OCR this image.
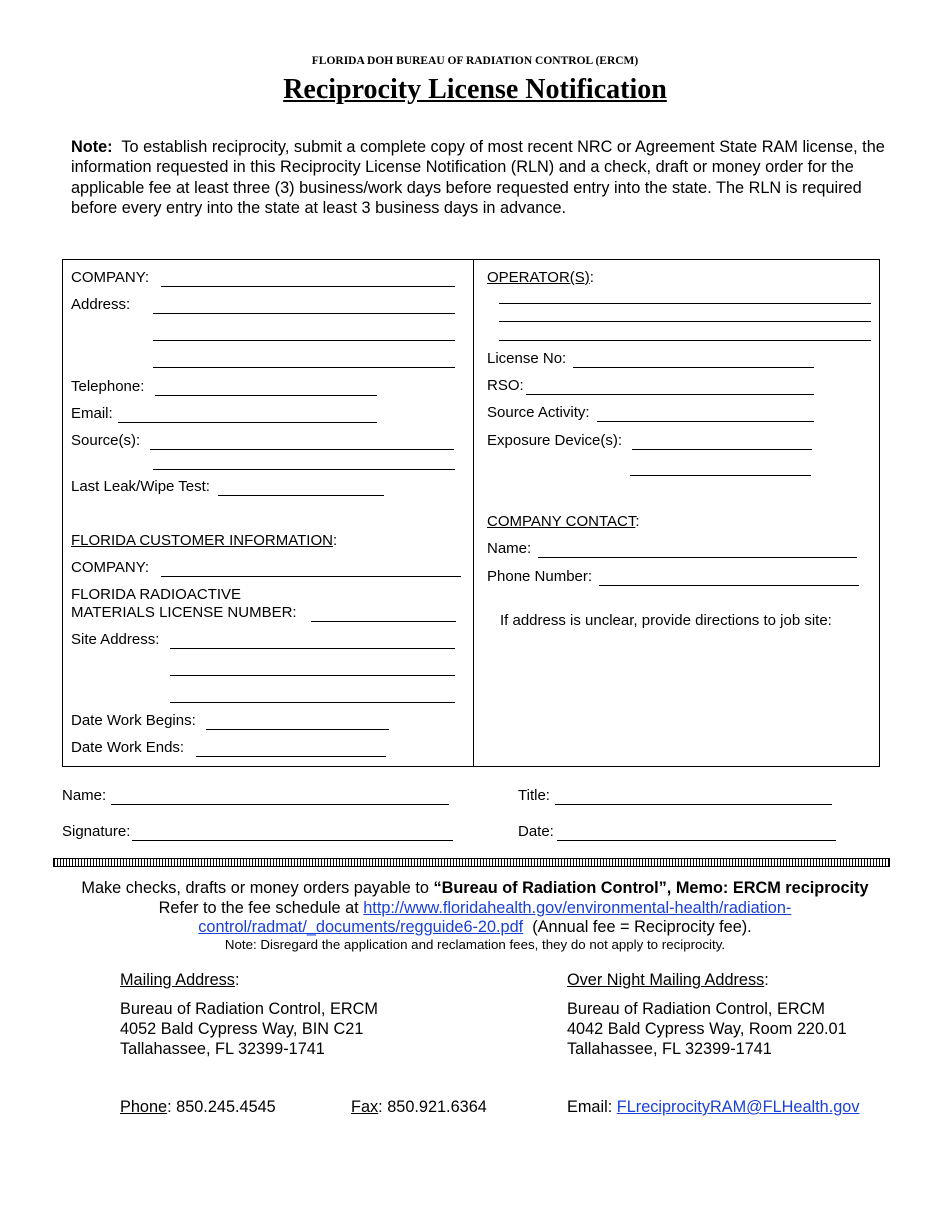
FLORIDA DOH BUREAU OF RADIATION CONTROL (ERCM)
Reciprocity License Notification
Note: To establish reciprocity, submit a complete copy of most recent NRC or Agreement State RAM license, the information requested in this Reciprocity License Notification (RLN) and a check, draft or money order for the applicable fee at least three (3) business/work days before requested entry into the state. The RLN is required before every entry into the state at least 3 business days in advance.
COMPANY:
Address:
Telephone:
Email:
Source(s):
Last Leak/Wipe Test:
FLORIDA CUSTOMER INFORMATION:
COMPANY:
FLORIDA RADIOACTIVE
MATERIALS LICENSE NUMBER:
Site Address:
Date Work Begins:
Date Work Ends:
OPERATOR(S):
License No:
RSO:
Source Activity:
Exposure Device(s):
COMPANY CONTACT:
Name:
Phone Number:
If address is unclear, provide directions to job site:
Name:	Title:
Signature:	Date:
Make checks, drafts or money orders payable to “Bureau of Radiation Control”, Memo: ERCM reciprocity
Refer to the fee schedule at http://www.floridahealth.gov/environmental-health/radiation-
control/radmat/_documents/regguide6-20.pdf (Annual fee = Reciprocity fee).
Note: Disregard the application and reclamation fees, they do not apply to reciprocity.
Mailing Address:
Bureau of Radiation Control, ERCM
4052 Bald Cypress Way, BIN C21
Tallahassee, FL 32399-1741
Over Night Mailing Address:
Bureau of Radiation Control, ERCM
4042 Bald Cypress Way, Room 220.01
Tallahassee, FL 32399-1741
Phone: 850.245.4545	Fax: 850.921.6364	Email: FLreciprocityRAM@FLHealth.gov
